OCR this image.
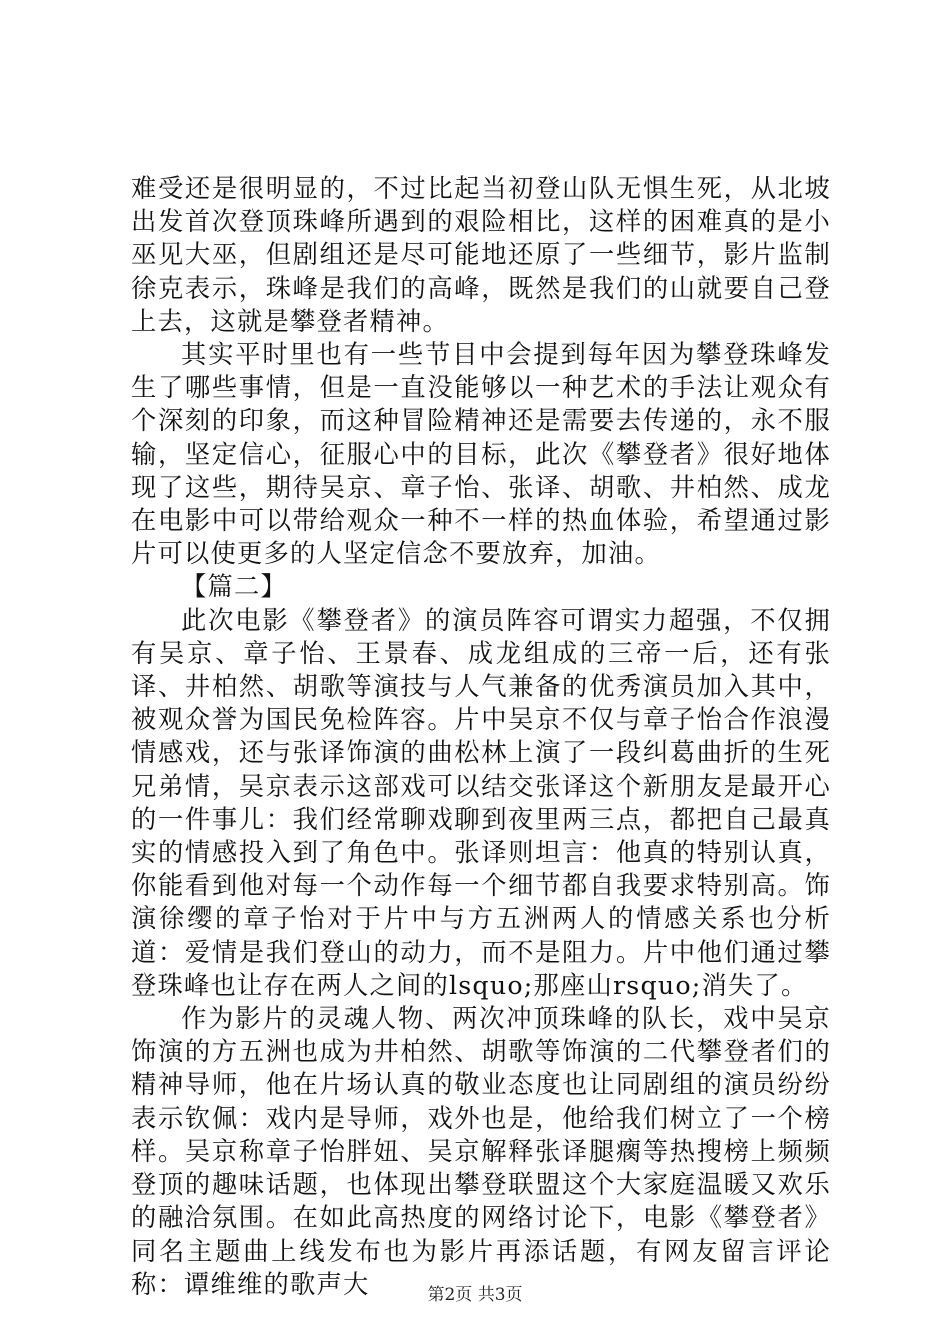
难受还是很明显的，不过比起当初登山队无惧生死，从北坡出发首次登顶珠峰所遇到的艰险相比，这样的困难真的是小巫见大巫，但剧组还是尽可能地还原了一些细节，影片监制徐克表示，珠峰是我们的高峰，既然是我们的山就要自己登上去，这就是攀登者精神。

其实平时里也有一些节目中会提到每年因为攀登珠峰发生了哪些事情，但是一直没能够以一种艺术的手法让观众有个深刻的印象，而这种冒险精神还是需要去传递的，永不服输，坚定信心，征服心中的目标，此次《攀登者》很好地体现了这些，期待吴京、章子怡、张译、胡歌、井柏然、成龙在电影中可以带给观众一种不一样的热血体验，希望通过影片可以使更多的人坚定信念不要放弃，加油。

【篇二】

此次电影《攀登者》的演员阵容可谓实力超强，不仅拥有吴京、章子怡、王景春、成龙组成的三帝一后，还有张译、井柏然、胡歌等演技与人气兼备的优秀演员加入其中，被观众誉为国民免检阵容。片中吴京不仅与章子怡合作浪漫情感戏，还与张译饰演的曲松林上演了一段纠葛曲折的生死兄弟情，吴京表示这部戏可以结交张译这个新朋友是最开心的一件事儿：我们经常聊戏聊到夜里两三点，都把自己最真实的情感投入到了角色中。张译则坦言：他真的特别认真，你能看到他对每一个动作每一个细节都自我要求特别高。饰演徐缨的章子怡对于片中与方五洲两人的情感关系也分析道：爱情是我们登山的动力，而不是阻力。片中他们通过攀登珠峰也让存在两人之间的lsquo;那座山rsquo;消失了。

作为影片的灵魂人物、两次冲顶珠峰的队长，戏中吴京饰演的方五洲也成为井柏然、胡歌等饰演的二代攀登者们的精神导师，他在片场认真的敬业态度也让同剧组的演员纷纷表示钦佩：戏内是导师，戏外也是，他给我们树立了一个榜样。吴京称章子怡胖妞、吴京解释张译腿瘸等热搜榜上频频登顶的趣味话题，也体现出攀登联盟这个大家庭温暖又欢乐的融洽氛围。在如此高热度的网络讨论下，电影《攀登者》同名主题曲上线发布也为影片再添话题，有网友留言评论称：谭维维的歌声大	第2页 共3页
